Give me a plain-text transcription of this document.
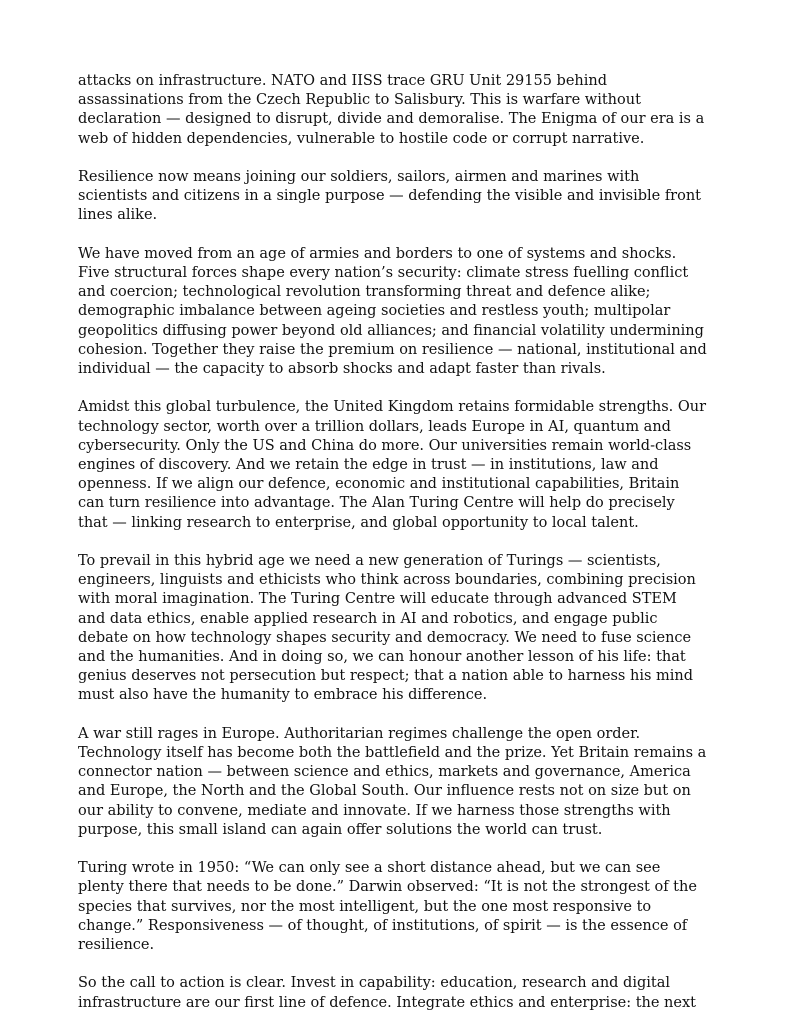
attacks on infrastructure. NATO and IISS trace GRU Unit 29155 behind assassinations from the Czech Republic to Salisbury. This is warfare without declaration — designed to disrupt, divide and demoralise. The Enigma of our era is a web of hidden dependencies, vulnerable to hostile code or corrupt narrative.

Resilience now means joining our soldiers, sailors, airmen and marines with scientists and citizens in a single purpose — defending the visible and invisible front lines alike.

We have moved from an age of armies and borders to one of systems and shocks. Five structural forces shape every nation’s security: climate stress fuelling conflict and coercion; technological revolution transforming threat and defence alike; demographic imbalance between ageing societies and restless youth; multipolar geopolitics diffusing power beyond old alliances; and financial volatility undermining cohesion. Together they raise the premium on resilience — national, institutional and individual — the capacity to absorb shocks and adapt faster than rivals.

Amidst this global turbulence, the United Kingdom retains formidable strengths. Our technology sector, worth over a trillion dollars, leads Europe in AI, quantum and cybersecurity. Only the US and China do more. Our universities remain world-class engines of discovery. And we retain the edge in trust — in institutions, law and openness. If we align our defence, economic and institutional capabilities, Britain can turn resilience into advantage. The Alan Turing Centre will help do precisely that — linking research to enterprise, and global opportunity to local talent.

To prevail in this hybrid age we need a new generation of Turings — scientists, engineers, linguists and ethicists who think across boundaries, combining precision with moral imagination. The Turing Centre will educate through advanced STEM and data ethics, enable applied research in AI and robotics, and engage public debate on how technology shapes security and democracy. We need to fuse science and the humanities. And in doing so, we can honour another lesson of his life: that genius deserves not persecution but respect; that a nation able to harness his mind must also have the humanity to embrace his difference.

A war still rages in Europe. Authoritarian regimes challenge the open order. Technology itself has become both the battlefield and the prize. Yet Britain remains a connector nation — between science and ethics, markets and governance, America and Europe, the North and the Global South. Our influence rests not on size but on our ability to convene, mediate and innovate. If we harness those strengths with purpose, this small island can again offer solutions the world can trust.

Turing wrote in 1950: “We can only see a short distance ahead, but we can see plenty there that needs to be done.” Darwin observed: “It is not the strongest of the species that survives, nor the most intelligent, but the one most responsive to change.” Responsiveness — of thought, of institutions, of spirit — is the essence of resilience.

So the call to action is clear. Invest in capability: education, research and digital infrastructure are our first line of defence. Integrate ethics and enterprise: the next
